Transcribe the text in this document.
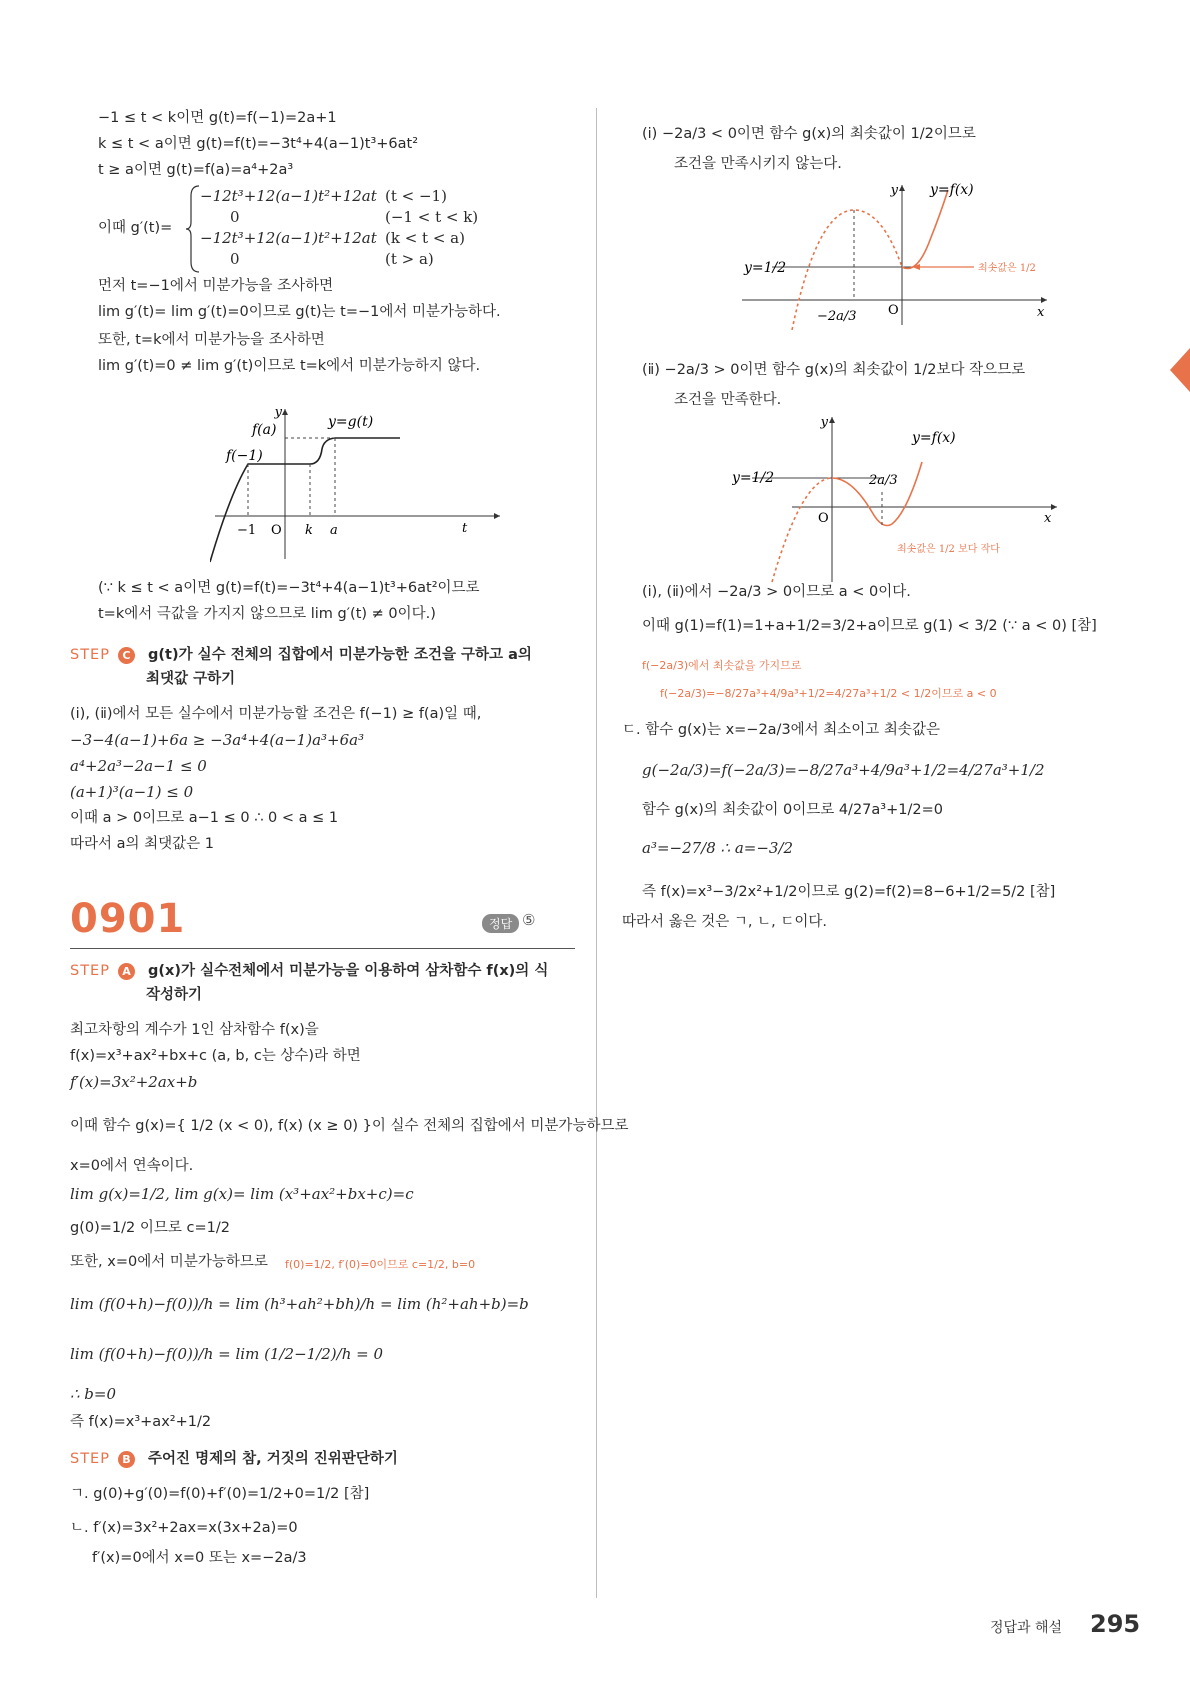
−1 ≤ t < k이면 g(t)=f(−1)=2a+1
k ≤ t < a이면 g(t)=f(t)=−3t⁴+4(a−1)t³+6at²
t ≥ a이면 g(t)=f(a)=a⁴+2a³
이때 g′(t)=
−12t³+12(a−1)t²+12at (t < −1)
0	(−1 < t < k)
−12t³+12(a−1)t²+12at (k < t < a)
0	(t > a)
먼저 t=−1에서 미분가능을 조사하면
lim g′(t)= lim g′(t)=0이므로 g(t)는 t=−1에서 미분가능하다.
또한, t=k에서 미분가능을 조사하면
lim g′(t)=0 ≠ lim g′(t)이므로 t=k에서 미분가능하지 않다.
y
t
y=g(t)
f(a)
f(−1)
−1 O k a
(∵ k ≤ t < a이면 g(t)=f(t)=−3t⁴+4(a−1)t³+6at²이므로
t=k에서 극값을 가지지 않으므로 lim g′(t) ≠ 0이다.)
STEP C g(t)가 실수 전체의 집합에서 미분가능한 조건을 구하고 a의
최댓값 구하기
(ⅰ), (ⅱ)에서 모든 실수에서 미분가능할 조건은 f(−1) ≥ f(a)일 때,
−3−4(a−1)+6a ≥ −3a⁴+4(a−1)a³+6a³
a⁴+2a³−2a−1 ≤ 0
(a+1)³(a−1) ≤ 0
이때 a > 0이므로 a−1 ≤ 0 ∴ 0 < a ≤ 1
따라서 a의 최댓값은 1
0901	정답 ⑤
STEP A g(x)가 실수전체에서 미분가능을 이용하여 삼차함수 f(x)의 식
작성하기
최고차항의 계수가 1인 삼차함수 f(x)을
f(x)=x³+ax²+bx+c (a, b, c는 상수)라 하면
f′(x)=3x²+2ax+b
이때 함수 g(x)={ 1/2 (x < 0), f(x) (x ≥ 0) }이 실수 전체의 집합에서 미분가능하므로
x=0에서 연속이다.
lim g(x)=1/2, lim g(x)= lim (x³+ax²+bx+c)=c
g(0)=1/2 이므로 c=1/2
또한, x=0에서 미분가능하므로 f(0)=1/2, f′(0)=0이므로 c=1/2, b=0
lim (f(0+h)−f(0))/h = lim (h³+ah²+bh)/h = lim (h²+ah+b)=b
lim (f(0+h)−f(0))/h = lim (1/2−1/2)/h = 0
∴ b=0
즉 f(x)=x³+ax²+1/2
STEP B 주어진 명제의 참, 거짓의 진위판단하기
ㄱ. g(0)+g′(0)=f(0)+f′(0)=1/2+0=1/2 [참]
ㄴ. f′(x)=3x²+2ax=x(3x+2a)=0
f′(x)=0에서 x=0 또는 x=−2a/3
(ⅰ) −2a/3 < 0이면 함수 g(x)의 최솟값이 1/2이므로
조건을 만족시키지 않는다.
y
x
y=f(x)
y=1/2
O
−2a/3
최솟값은 1/2
(ⅱ) −2a/3 > 0이면 함수 g(x)의 최솟값이 1/2보다 작으므로
조건을 만족한다.
y
x
y=f(x)
y=1/2
O
2a/3
최솟값은 1/2 보다 작다
(ⅰ), (ⅱ)에서 −2a/3 > 0이므로 a < 0이다.
이때 g(1)=f(1)=1+a+1/2=3/2+a이므로 g(1) < 3/2 (∵ a < 0) [참]
f(−2a/3)에서 최솟값을 가지므로
f(−2a/3)=−8/27a³+4/9a³+1/2=4/27a³+1/2 < 1/2이므로 a < 0
ㄷ. 함수 g(x)는 x=−2a/3에서 최소이고 최솟값은
g(−2a/3)=f(−2a/3)=−8/27a³+4/9a³+1/2=4/27a³+1/2
함수 g(x)의 최솟값이 0이므로 4/27a³+1/2=0
a³=−27/8 ∴ a=−3/2
즉 f(x)=x³−3/2x²+1/2이므로 g(2)=f(2)=8−6+1/2=5/2 [참]
따라서 옳은 것은 ㄱ, ㄴ, ㄷ이다.
정답과 해설 295
